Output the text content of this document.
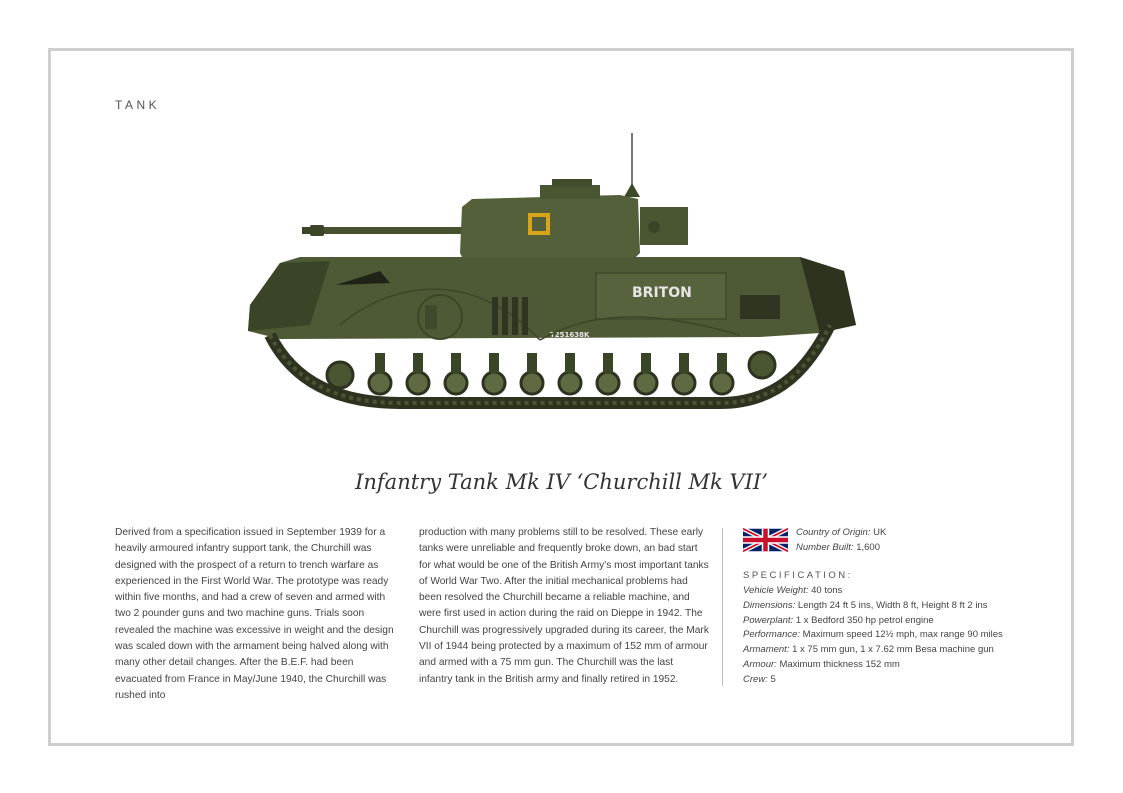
TANK
BRITON
T251638K
Infantry Tank Mk IV ‘Churchill Mk VII’
Derived from a specification issued in September 1939 for a heavily armoured infantry support tank, the Churchill was designed with the prospect of a return to trench warfare as experienced in the First World War. The prototype was ready within five months, and had a crew of seven and armed with two 2 pounder guns and two machine guns. Trials soon revealed the machine was excessive in weight and the design was scaled down with the armament being halved along with many other detail changes. After the B.E.F. had been evacuated from France in May/June 1940, the Churchill was rushed into
production with many problems still to be resolved. These early tanks were unreliable and frequently broke down, an bad start for what would be one of the British Army’s most important tanks of World War Two. After the initial mechanical problems had been resolved the Churchill became a reliable machine, and were first used in action during the raid on Dieppe in 1942. The Churchill was progressively upgraded during its career, the Mark VII of 1944 being protected by a maximum of 152 mm of armour and armed with a 75 mm gun. The Churchill was the last infantry tank in the British army and finally retired in 1952.
Country of Origin: UK
Number Built: 1,600
SPECIFICATION:
Vehicle Weight: 40 tons
Dimensions: Length 24 ft 5 ins, Width 8 ft, Height 8 ft 2 ins
Powerplant: 1 x Bedford 350 hp petrol engine
Performance: Maximum speed 12½ mph, max range 90 miles
Armament: 1 x 75 mm gun, 1 x 7.62 mm Besa machine gun
Armour: Maximum thickness 152 mm
Crew: 5
